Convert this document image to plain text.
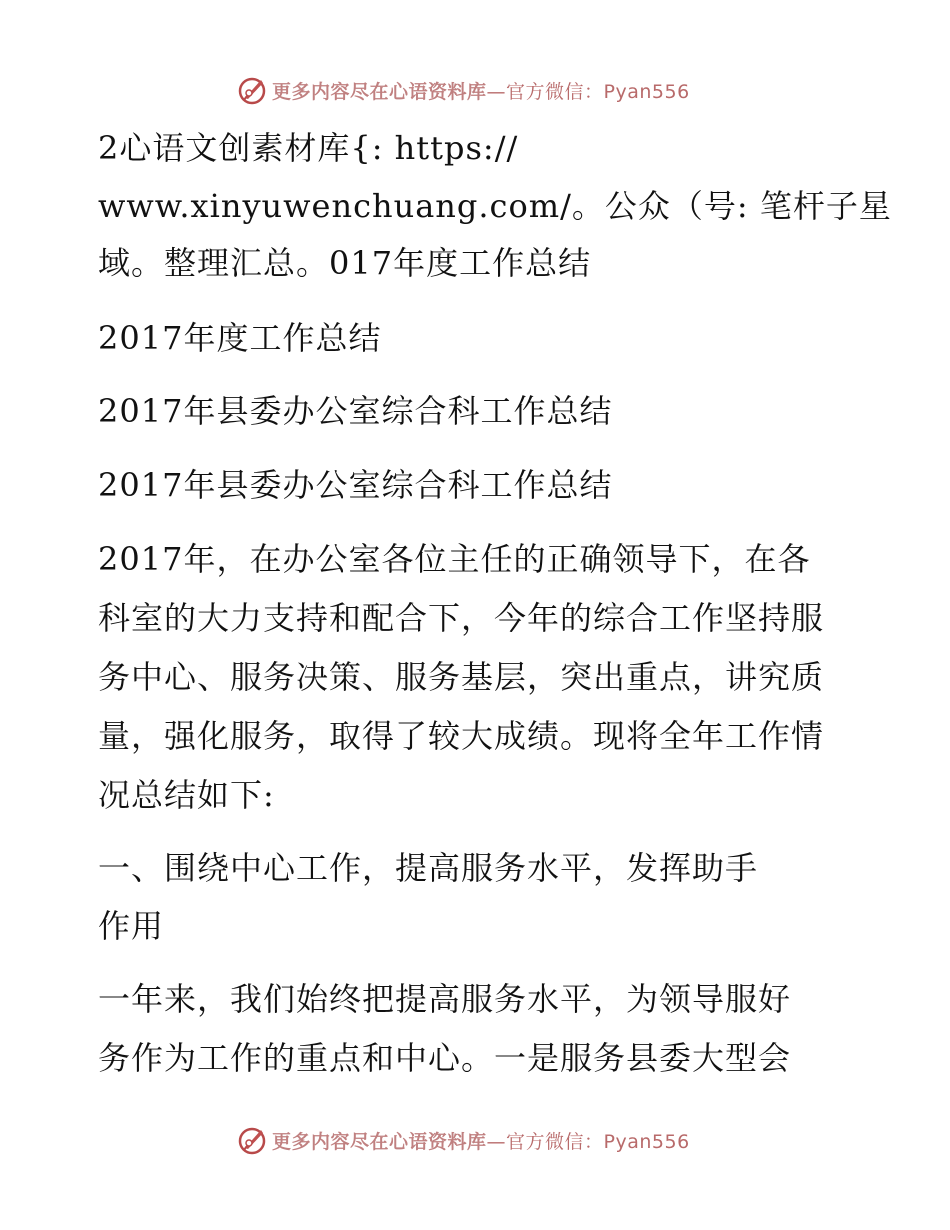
更多内容尽在心语资料库—官方微信：Pyan556
2心语文创素材库{: https://
www.xinyuwenchuang.com/。公众（号: 笔杆子星
域。整理汇总。017年度工作总结
2017年度工作总结
2017年县委办公室综合科工作总结
2017年县委办公室综合科工作总结
2017年，在办公室各位主任的正确领导下，在各
科室的大力支持和配合下，今年的综合工作坚持服
务中心、服务决策、服务基层，突出重点，讲究质
量，强化服务，取得了较大成绩。现将全年工作情
况总结如下:
一、围绕中心工作，提高服务水平，发挥助手
作用
一年来，我们始终把提高服务水平，为领导服好
务作为工作的重点和中心。一是服务县委大型会
更多内容尽在心语资料库—官方微信：Pyan556
